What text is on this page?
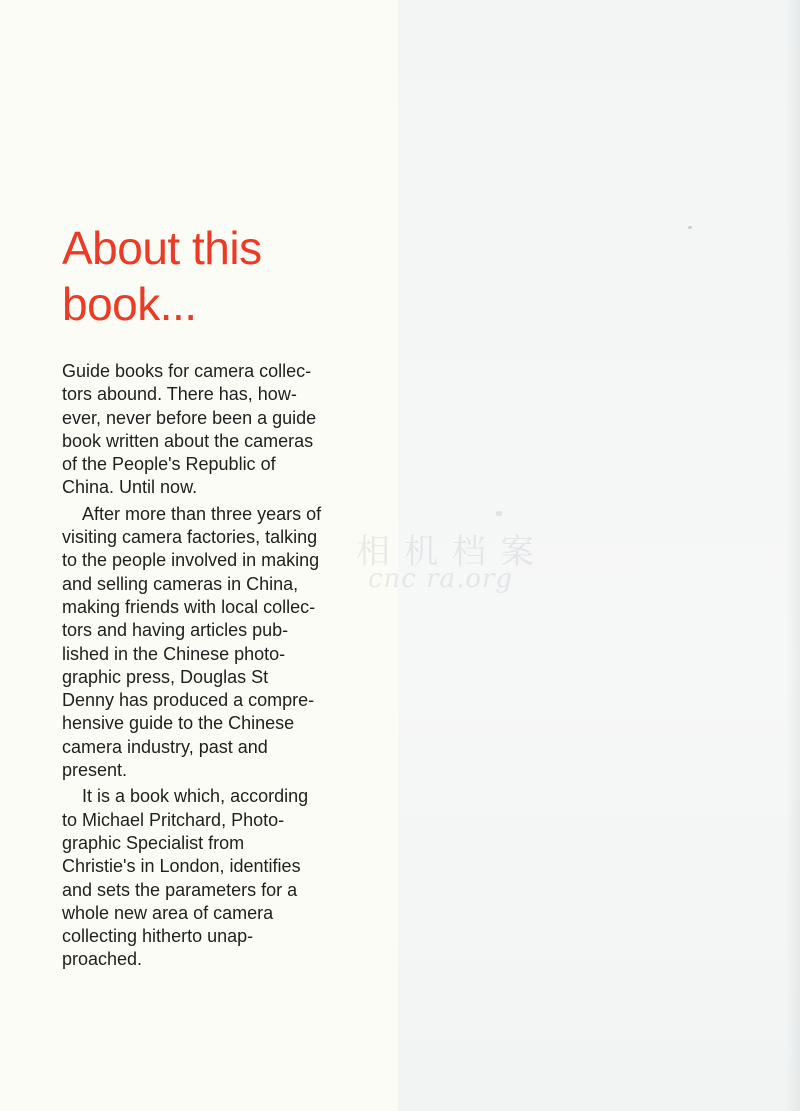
About this book...

Guide books for camera collec-
tors abound. There has, how-
ever, never before been a guide
book written about the cameras
of the People's Republic of
China. Until now.

After more than three years of
visiting camera factories, talking
to the people involved in making
and selling cameras in China,
making friends with local collec-
tors and having articles pub-
lished in the Chinese photo-
graphic press, Douglas St
Denny has produced a compre-
hensive guide to the Chinese
camera industry, past and
present.

It is a book which, according
to Michael Pritchard, Photo-
graphic Specialist from
Christie's in London, identifies
and sets the parameters for a
whole new area of camera
collecting hitherto unap-
proached.

相机档案
cnc ra.org
